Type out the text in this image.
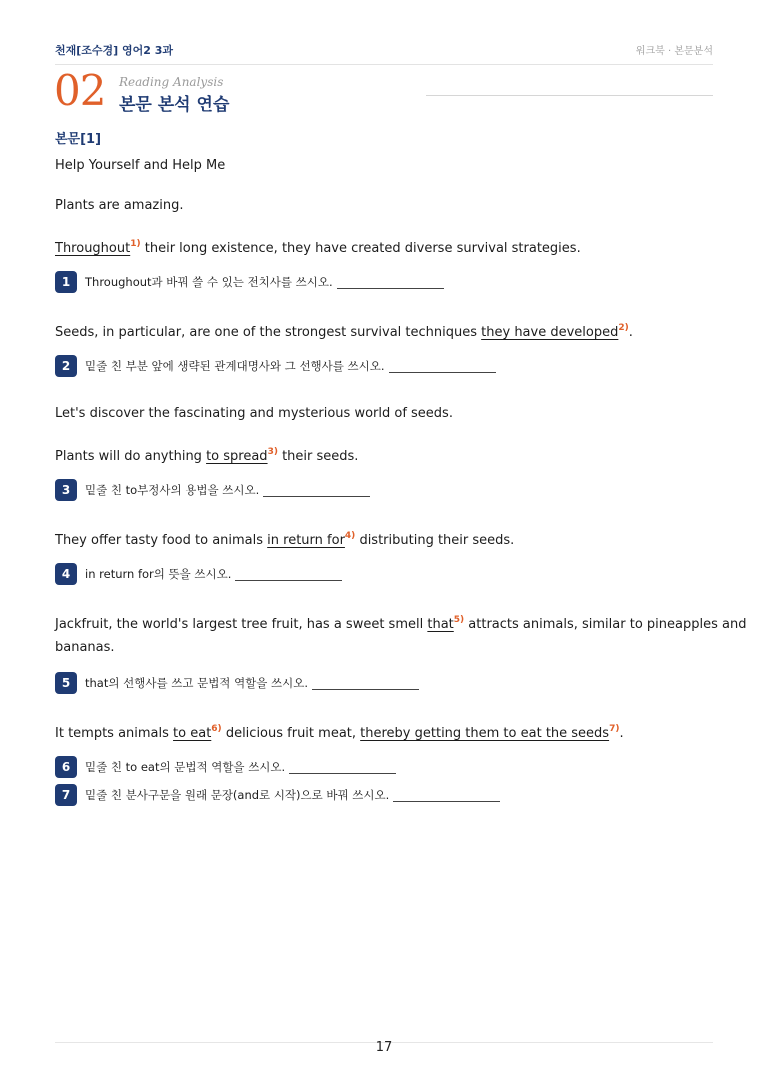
천재[조수경] 영어2 3과	워크북 · 본문분석
02 Reading Analysis
본문 본석 연습
본문[1]
Help Yourself and Help Me
Plants are amazing.
Throughout$^{1)}$ their long existence, they have created diverse survival strategies.
1	Throughout과 바꿔 쓸 수 있는 전치사를 쓰시오.
Seeds, in particular, are one of the strongest survival techniques they have developed$^{2)}$.
2	밑줄 친 부분 앞에 생략된 관계대명사와 그 선행사를 쓰시오.
Let's discover the fascinating and mysterious world of seeds.
Plants will do anything to spread$^{3)}$ their seeds.
3	밑줄 친 to부정사의 용법을 쓰시오.
They offer tasty food to animals in return for$^{4)}$ distributing their seeds.
4	in return for의 뜻을 쓰시오.
Jackfruit, the world's largest tree fruit, has a sweet smell that$^{5)}$ attracts animals, similar to pineapples and
bananas.
5	that의 선행사를 쓰고 문법적 역할을 쓰시오.
It tempts animals to eat$^{6)}$ delicious fruit meat, thereby getting them to eat the seeds$^{7)}$.
6	밑줄 친 to eat의 문법적 역할을 쓰시오.
7	밑줄 친 분사구문을 원래 문장(and로 시작)으로 바꿔 쓰시오.
17
